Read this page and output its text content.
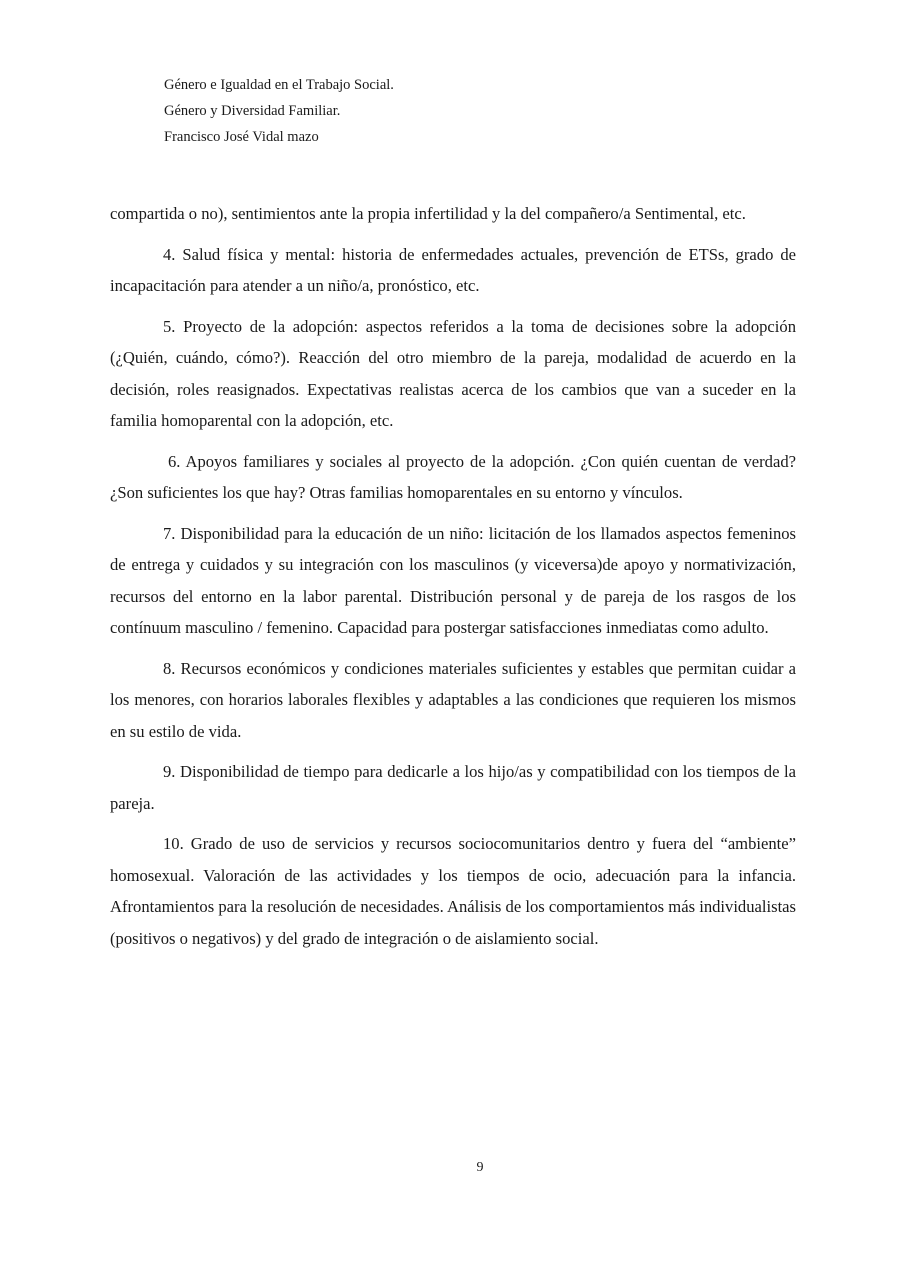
Género e Igualdad en el Trabajo Social.
Género y Diversidad Familiar.
Francisco José Vidal mazo

compartida o no), sentimientos ante la propia infertilidad y la del compañero/a Sentimental, etc.

4. Salud física y mental: historia de enfermedades actuales, prevención de ETSs, grado de incapacitación para atender a un niño/a, pronóstico, etc.

5. Proyecto de la adopción: aspectos referidos a la toma de decisiones sobre la adopción (¿Quién, cuándo, cómo?). Reacción del otro miembro de la pareja, modalidad de acuerdo en la decisión, roles reasignados. Expectativas realistas acerca de los cambios que van a suceder en la familia homoparental con la adopción, etc.

6. Apoyos familiares y sociales al proyecto de la adopción. ¿Con quién cuentan de verdad? ¿Son suficientes los que hay? Otras familias homoparentales en su entorno y vínculos.

7. Disponibilidad para la educación de un niño: licitación de los llamados aspectos femeninos de entrega y cuidados y su integración con los masculinos (y viceversa)de apoyo y normativización, recursos del entorno en la labor parental. Distribución personal y de pareja de los rasgos de los contínuum masculino / femenino. Capacidad para postergar satisfacciones inmediatas como adulto.

8. Recursos económicos y condiciones materiales suficientes y estables que permitan cuidar a los menores, con horarios laborales flexibles y adaptables a las condiciones que requieren los mismos en su estilo de vida.

9. Disponibilidad de tiempo para dedicarle a los hijo/as y compatibilidad con los tiempos de la pareja.

10. Grado de uso de servicios y recursos sociocomunitarios dentro y fuera del “ambiente” homosexual. Valoración de las actividades y los tiempos de ocio, adecuación para la infancia. Afrontamientos para la resolución de necesidades. Análisis de los comportamientos más individualistas (positivos o negativos) y del grado de integración o de aislamiento social.

9
